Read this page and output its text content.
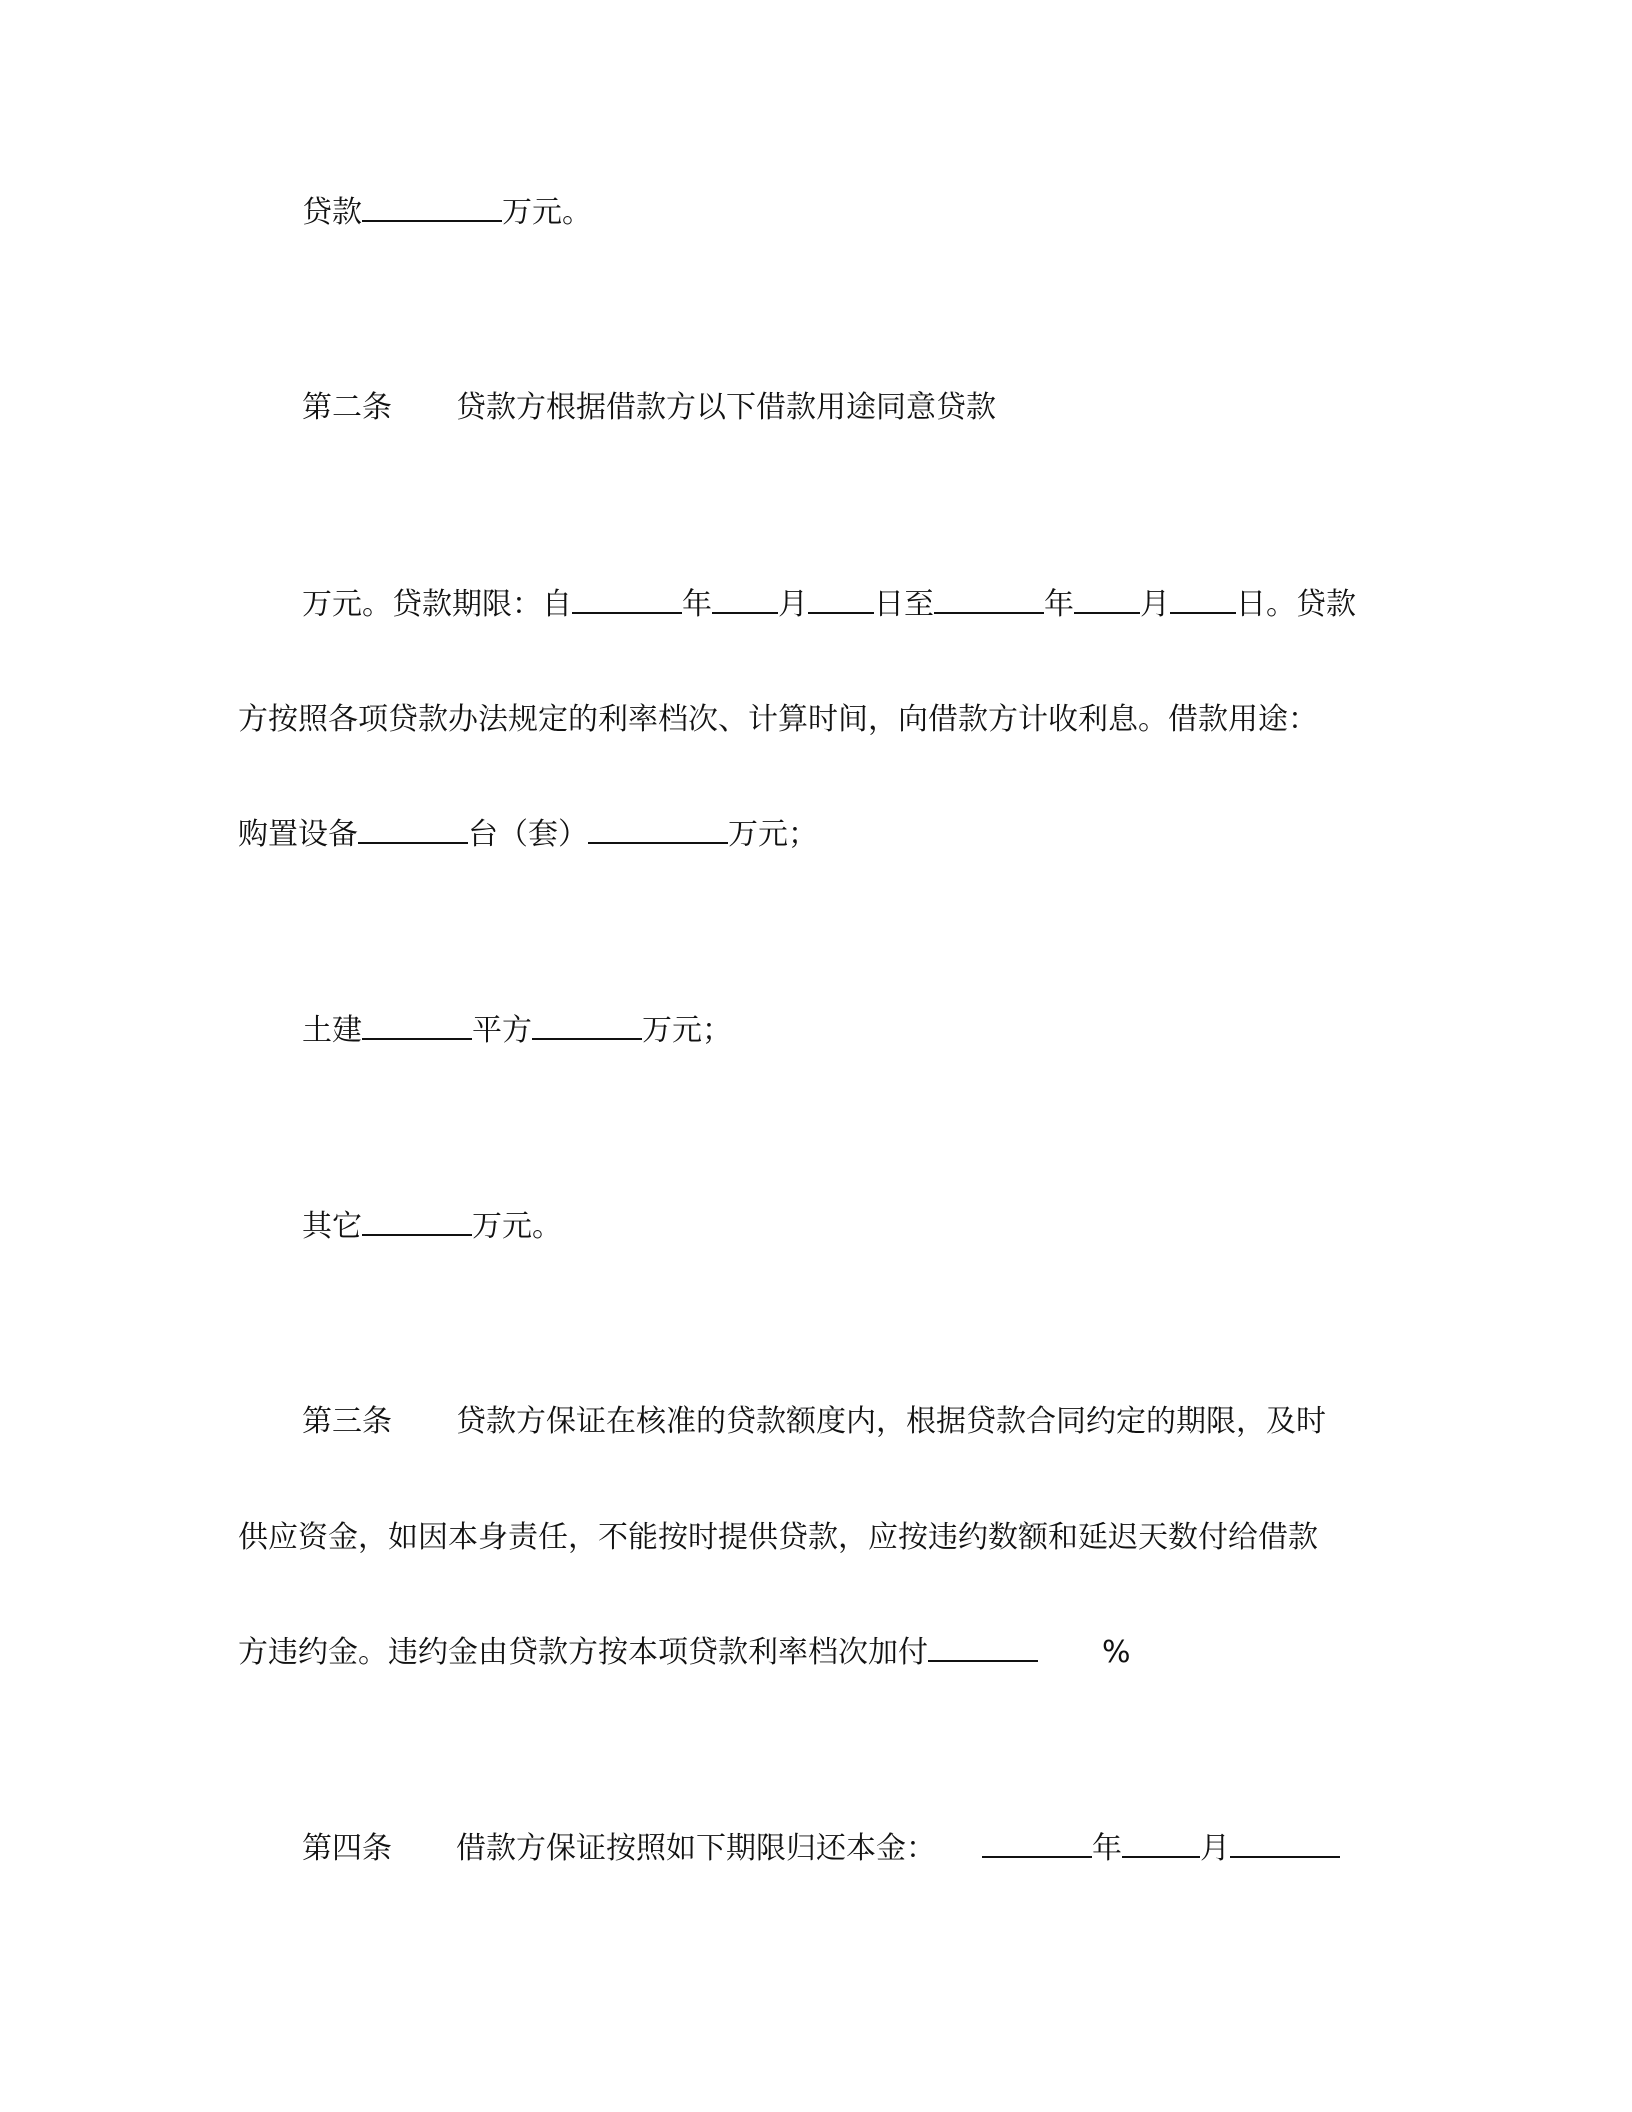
贷款	万元。
第二条 贷款方根据借款方以下借款用途同意贷款
万元。贷款期限：自	年 月 日至	年 月 日。贷款
方按照各项贷款办法规定的利率档次、计算时间，向借款方计收利息。借款用途：
购置设备	台（套）	万元；
土建	平方	万元；
其它	万元。
第三条 贷款方保证在核准的贷款额度内，根据贷款合同约定的期限，及时
供应资金，如因本身责任，不能按时提供贷款，应按违约数额和延迟天数付给借款
方违约金。违约金由贷款方按本项贷款利率档次加付	%
第四条 借款方保证按照如下期限归还本金：	年	月
